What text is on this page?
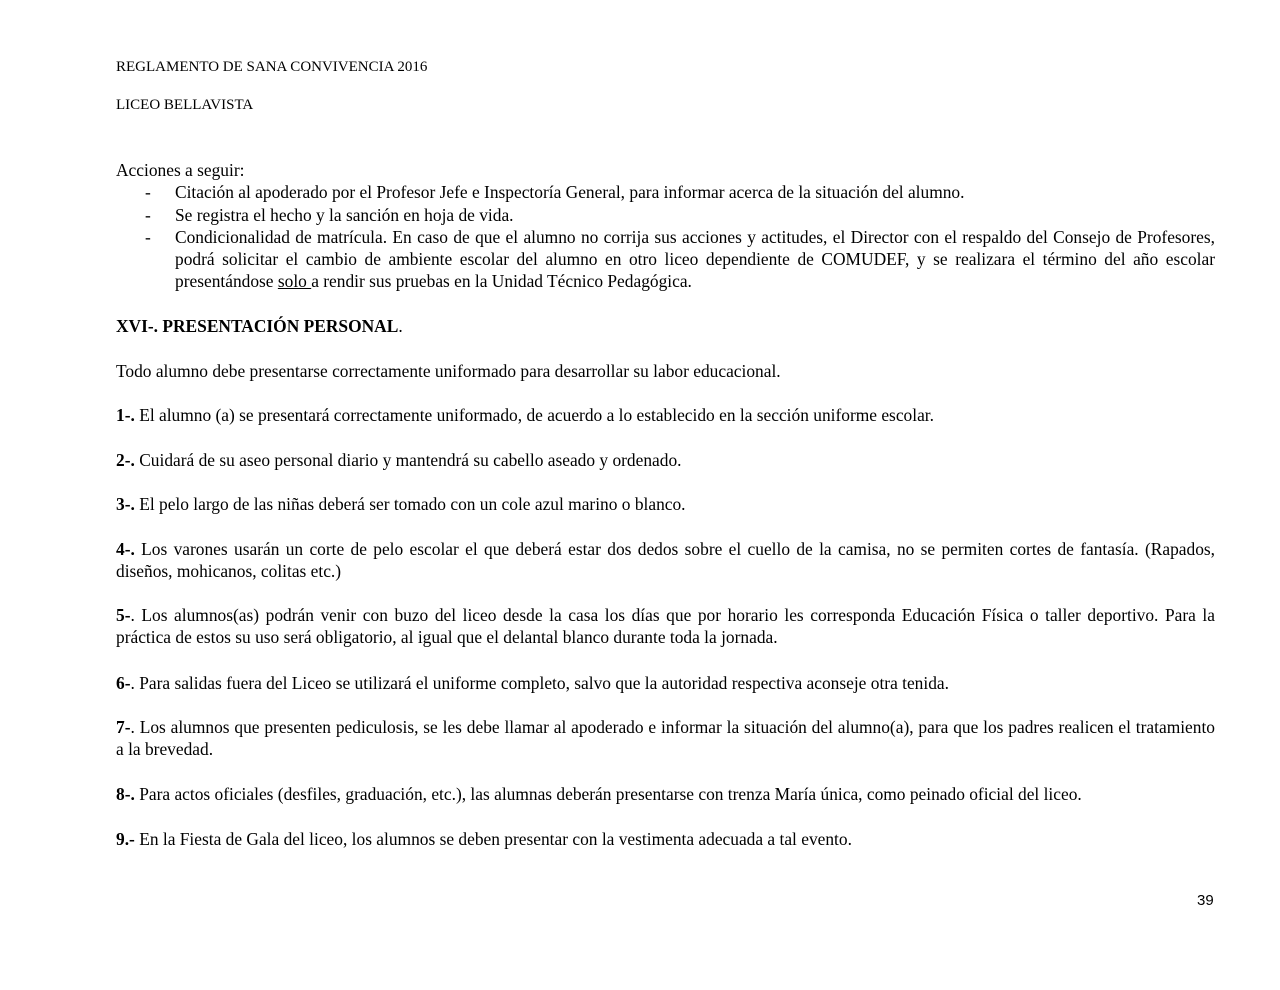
REGLAMENTO DE SANA CONVIVENCIA 2016
LICEO BELLAVISTA
Acciones a seguir:
- Citación al apoderado por el Profesor Jefe e Inspectoría General, para informar acerca de la situación del alumno.
- Se registra el hecho y la sanción en hoja de vida.
- Condicionalidad de matrícula. En caso de que el alumno no corrija sus acciones y actitudes, el Director con el respaldo del Consejo de Profesores, podrá solicitar el cambio de ambiente escolar del alumno en otro liceo dependiente de COMUDEF, y se realizara el término del año escolar presentándose solo a rendir sus pruebas en la Unidad Técnico Pedagógica.
XVI-. PRESENTACIÓN PERSONAL.
Todo alumno debe presentarse correctamente uniformado para desarrollar su labor educacional.
1-. El alumno (a) se presentará correctamente uniformado, de acuerdo a lo establecido en la sección uniforme escolar.
2-. Cuidará de su aseo personal diario y mantendrá su cabello aseado y ordenado.
3-. El pelo largo de las niñas deberá ser tomado con un cole azul marino o blanco.
4-. Los varones usarán un corte de pelo escolar el que deberá estar dos dedos sobre el cuello de la camisa, no se permiten cortes de fantasía. (Rapados, diseños, mohicanos, colitas etc.)
5-. Los alumnos(as) podrán venir con buzo del liceo desde la casa los días que por horario les corresponda Educación Física o taller deportivo. Para la práctica de estos su uso será obligatorio, al igual que el delantal blanco durante toda la jornada.
6-. Para salidas fuera del Liceo se utilizará el uniforme completo, salvo que la autoridad respectiva aconseje otra tenida.
7-. Los alumnos que presenten pediculosis, se les debe llamar al apoderado e informar la situación del alumno(a), para que los padres realicen el tratamiento a la brevedad.
8-. Para actos oficiales (desfiles, graduación, etc.), las alumnas deberán presentarse con trenza María única, como peinado oficial del liceo.
9.- En la Fiesta de Gala del liceo, los alumnos se deben presentar con la vestimenta adecuada a tal evento.
39
